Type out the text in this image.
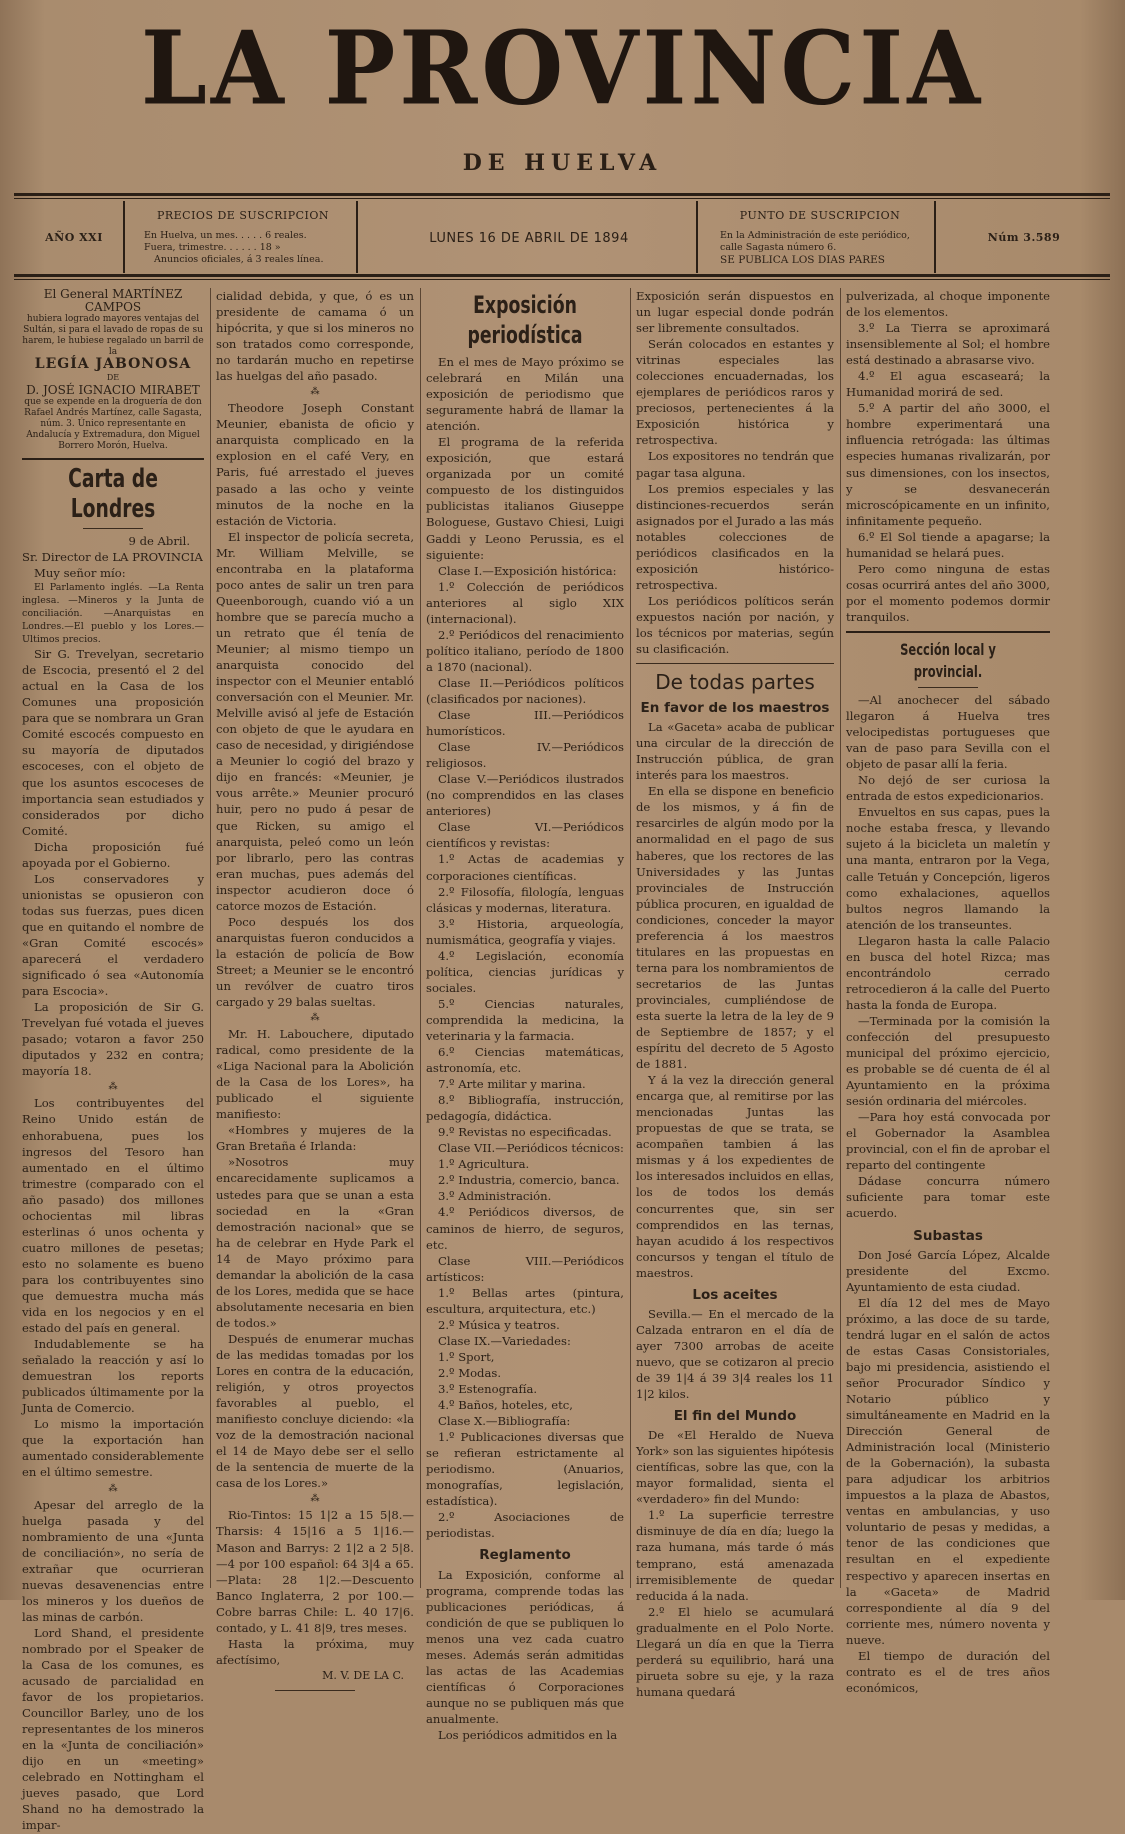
LA PROVINCIA
DE HUELVA
AÑO XXI
PRECIOS DE SUSCRIPCION
En Huelva, un mes. . . . . 6 reales.
Fuera, trimestre. . . . . . 18 »
Anuncios oficiales, á 3 reales línea.
LUNES 16 DE ABRIL DE 1894
PUNTO DE SUSCRIPCION
En la Administración de este periódico,
calle Sagasta número 6.
SE PUBLICA LOS DIAS PARES
Núm 3.589
El General MARTÍNEZ CAMPOS
hubiera logrado mayores ventajas del Sultán, si para el lavado de ropas de su harem, le hubiese regalado un barril de la
LEGÍA JABONOSA
DE
D. JOSÉ IGNACIO MIRABET
que se expende en la droguería de don Rafael Andrés Martínez, calle Sagasta, núm. 3. Único representante en Andalucía y Extremadura, don Miguel Borrero Morón, Huelva.
Carta de Londres

9 de Abril.

Sr. Director de LA PROVINCIA

Muy señor mío:

El Parlamento inglés. —La Renta inglesa. —Mineros y la Junta de conciliación. —Anarquistas en Londres.—El pueblo y los Lores.—Ultimos precios.

Sir G. Trevelyan, secretario de Escocia, presentó el 2 del actual en la Casa de los Comunes una proposición para que se nombrara un Gran Comité escocés compuesto en su mayoría de diputados escoceses, con el objeto de que los asuntos escoceses de importancia sean estudiados y considerados por dicho Comité.

Dicha proposición fué apoyada por el Gobierno.

Los conservadores y unionistas se opusieron con todas sus fuerzas, pues dicen que en quitando el nombre de «Gran Comité escocés» aparecerá el verdadero significado ó sea «Autonomía para Escocia».

La proposición de Sir G. Trevelyan fué votada el jueves pasado; votaron a favor 250 diputados y 232 en contra; mayoría 18.

⁂

Los contribuyentes del Reino Unido están de enhorabuena, pues los ingresos del Tesoro han aumentado en el último trimestre (comparado con el año pasado) dos millones ochocientas mil libras esterlinas ó unos ochenta y cuatro millones de pesetas; esto no solamente es bueno para los contribuyentes sino que demuestra mucha más vida en los negocios y en el estado del país en general.

Indudablemente se ha señalado la reacción y así lo demuestran los reports publicados últimamente por la Junta de Comercio.

Lo mismo la importación que la exportación han aumentado considerablemente en el último semestre.

⁂

Apesar del arreglo de la huelga pasada y del nombramiento de una «Junta de conciliación», no sería de extrañar que ocurrieran nuevas desavenencias entre los mineros y los dueños de las minas de carbón.

Lord Shand, el presidente nombrado por el Speaker de la Casa de los comunes, es acusado de parcialidad en favor de los propietarios. Councillor Barley, uno de los representantes de los mineros en la «Junta de conciliación» dijo en un «meeting» celebrado en Nottingham el jueves pasado, que Lord Shand no ha demostrado la impar-

cialidad debida, y que, ó es un presidente de camama ó un hipócrita, y que si los mineros no son tratados como corresponde, no tardarán mucho en repetirse las huelgas del año pasado.

⁂

Theodore Joseph Constant Meunier, ebanista de oficio y anarquista complicado en la explosion en el café Very, en Paris, fué arrestado el jueves pasado a las ocho y veinte minutos de la noche en la estación de Victoria.

El inspector de policía secreta, Mr. William Melville, se encontraba en la plataforma poco antes de salir un tren para Queenborough, cuando vió a un hombre que se parecía mucho a un retrato que él tenía de Meunier; al mismo tiempo un anarquista conocido del inspector con el Meunier entabló conversación con el Meunier. Mr. Melville avisó al jefe de Estación con objeto de que le ayudara en caso de necesidad, y dirigiéndose a Meunier lo cogió del brazo y dijo en francés: «Meunier, je vous arrête.» Meunier procuró huir, pero no pudo á pesar de que Ricken, su amigo el anarquista, peleó como un león por librarlo, pero las contras eran muchas, pues además del inspector acudieron doce ó catorce mozos de Estación.

Poco después los dos anarquistas fueron conducidos a la estación de policía de Bow Street; a Meunier se le encontró un revólver de cuatro tiros cargado y 29 balas sueltas.

⁂

Mr. H. Labouchere, diputado radical, como presidente de la «Liga Nacional para la Abolición de la Casa de los Lores», ha publicado el siguiente manifiesto:

«Hombres y mujeres de la Gran Bretaña é Irlanda:

»Nosotros muy encarecidamente suplicamos a ustedes para que se unan a esta sociedad en la «Gran demostración nacional» que se ha de celebrar en Hyde Park el 14 de Mayo próximo para demandar la abolición de la casa de los Lores, medida que se hace absolutamente necesaria en bien de todos.»

Después de enumerar muchas de las medidas tomadas por los Lores en contra de la educación, religión, y otros proyectos favorables al pueblo, el manifiesto concluye diciendo: «la voz de la demostración nacional el 14 de Mayo debe ser el sello de la sentencia de muerte de la casa de los Lores.»

⁂

Rio-Tintos: 15 1|2 a 15 5|8.—Tharsis: 4 15|16 a 5 1|16.—Mason and Barrys: 2 1|2 a 2 5|8.—4 por 100 español: 64 3|4 a 65.—Plata: 28 1|2.—Descuento Banco Inglaterra, 2 por 100.—Cobre barras Chile: L. 40 17|6. contado, y L. 41 8|9, tres meses.

Hasta la próxima, muy afectísimo,

M. V. DE LA C.

Exposición periodística

En el mes de Mayo próximo se celebrará en Milán una exposición de periodismo que seguramente habrá de llamar la atención.

El programa de la referida exposición, que estará organizada por un comité compuesto de los distinguidos publicistas italianos Giuseppe Bologuese, Gustavo Chiesi, Luigi Gaddi y Leono Perussia, es el siguiente:

Clase I.—Exposición histórica:

1.º Colección de periódicos anteriores al siglo XIX (internacional).

2.º Periódicos del renacimiento político italiano, período de 1800 a 1870 (nacional).

Clase II.—Periódicos políticos (clasificados por naciones).

Clase III.—Periódicos humorísticos.

Clase IV.—Periódicos religiosos.

Clase V.—Periódicos ilustrados (no comprendidos en las clases anteriores)

Clase VI.—Periódicos científicos y revistas:

1.º Actas de academias y corporaciones científicas.

2.º Filosofía, filología, lenguas clásicas y modernas, literatura.

3.º Historia, arqueología, numismática, geografía y viajes.

4.º Legislación, economía política, ciencias jurídicas y sociales.

5.º Ciencias naturales, comprendida la medicina, la veterinaria y la farmacia.

6.º Ciencias matemáticas, astronomía, etc.

7.º Arte militar y marina.

8.º Bibliografía, instrucción, pedagogía, didáctica.

9.º Revistas no especificadas.

Clase VII.—Periódicos técnicos:

1.º Agricultura.

2.º Industria, comercio, banca.

3.º Administración.

4.º Periódicos diversos, de caminos de hierro, de seguros, etc.

Clase VIII.—Periódicos artísticos:

1.º Bellas artes (pintura, escultura, arquitectura, etc.)

2.º Música y teatros.

Clase IX.—Variedades:

1.º Sport,

2.º Modas.

3.º Estenografía.

4.º Baños, hoteles, etc,

Clase X.—Bibliografía:

1.º Publicaciones diversas que se refieran estrictamente al periodismo. (Anuarios, monografías, legislación, estadística).

2.º Asociaciones de periodistas.

Reglamento

La Exposición, conforme al programa, comprende todas las publicaciones periódicas, á condición de que se publiquen lo menos una vez cada cuatro meses. Además serán admitidas las actas de las Academias científicas ó Corporaciones aunque no se publiquen más que anualmente.

Los periódicos admitidos en la

Exposición serán dispuestos en un lugar especial donde podrán ser libremente consultados.

Serán colocados en estantes y vitrinas especiales las colecciones encuadernadas, los ejemplares de periódicos raros y preciosos, pertenecientes á la Exposición histórica y retrospectiva.

Los expositores no tendrán que pagar tasa alguna.

Los premios especiales y las distinciones-recuerdos serán asignados por el Jurado a las más notables colecciones de periódicos clasificados en la exposición histórico-retrospectiva.

Los periódicos políticos serán expuestos nación por nación, y los técnicos por materias, según su clasificación.

De todas partes
En favor de los maestros

La «Gaceta» acaba de publicar una circular de la dirección de Instrucción pública, de gran interés para los maestros.

En ella se dispone en beneficio de los mismos, y á fin de resarcirles de algún modo por la anormalidad en el pago de sus haberes, que los rectores de las Universidades y las Juntas provinciales de Instrucción pública procuren, en igualdad de condiciones, conceder la mayor preferencia á los maestros titulares en las propuestas en terna para los nombramientos de secretarios de las Juntas provinciales, cumpliéndose de esta suerte la letra de la ley de 9 de Septiembre de 1857; y el espíritu del decreto de 5 Agosto de 1881.

Y á la vez la dirección general encarga que, al remitirse por las mencionadas Juntas las propuestas de que se trata, se acompañen tambien á las mismas y á los expedientes de los interesados incluidos en ellas, los de todos los demás concurrentes que, sin ser comprendidos en las ternas, hayan acudido á los respectivos concursos y tengan el título de maestros.

Los aceites

Sevilla.— En el mercado de la Calzada entraron en el día de ayer 7300 arrobas de aceite nuevo, que se cotizaron al precio de 39 1|4 á 39 3|4 reales los 11 1|2 kilos.

El fin del Mundo

De «El Heraldo de Nueva York» son las siguientes hipótesis científicas, sobre las que, con la mayor formalidad, sienta el «verdadero» fin del Mundo:

1.º La superficie terrestre disminuye de día en día; luego la raza humana, más tarde ó más temprano, está amenazada irremisiblemente de quedar reducida á la nada.

2.º El hielo se acumulará gradualmente en el Polo Norte. Llegará un día en que la Tierra perderá su equilibrio, hará una pirueta sobre su eje, y la raza humana quedará

pulverizada, al choque imponente de los elementos.

3.º La Tierra se aproximará insensiblemente al Sol; el hombre está destinado a abrasarse vivo.

4.º El agua escaseará; la Humanidad morirá de sed.

5.º A partir del año 3000, el hombre experimentará una influencia retrógada: las últimas especies humanas rivalizarán, por sus dimensiones, con los insectos, y se desvanecerán microscópicamente en un infinito, infinitamente pequeño.

6.º El Sol tiende a apagarse; la humanidad se helará pues.

Pero como ninguna de estas cosas ocurrirá antes del año 3000, por el momento podemos dormir tranquilos.

Sección local y provincial.

—Al anochecer del sábado llegaron á Huelva tres velocipedistas portugueses que van de paso para Sevilla con el objeto de pasar allí la feria.

No dejó de ser curiosa la entrada de estos expedicionarios.

Envueltos en sus capas, pues la noche estaba fresca, y llevando sujeto á la bicicleta un maletín y una manta, entraron por la Vega, calle Tetuán y Concepción, ligeros como exhalaciones, aquellos bultos negros llamando la atención de los transeuntes.

Llegaron hasta la calle Palacio en busca del hotel Rizca; mas encontrándolo cerrado retrocedieron á la calle del Puerto hasta la fonda de Europa.

—Terminada por la comisión la confección del presupuesto municipal del próximo ejercicio, es probable se dé cuenta de él al Ayuntamiento en la próxima sesión ordinaria del miércoles.

—Para hoy está convocada por el Gobernador la Asamblea provincial, con el fin de aprobar el reparto del contingente

Dádase concurra número suficiente para tomar este acuerdo.

Subastas

Don José García López, Alcalde presidente del Excmo. Ayuntamiento de esta ciudad.

El día 12 del mes de Mayo próximo, a las doce de su tarde, tendrá lugar en el salón de actos de estas Casas Consistoriales, bajo mi presidencia, asistiendo el señor Procurador Síndico y Notario público y simultáneamente en Madrid en la Dirección General de Administración local (Ministerio de la Gobernación), la subasta para adjudicar los arbitrios impuestos a la plaza de Abastos, ventas en ambulancias, y uso voluntario de pesas y medidas, a tenor de las condiciones que resultan en el expediente respectivo y aparecen insertas en la «Gaceta» de Madrid correspondiente al día 9 del corriente mes, número noventa y nueve.

El tiempo de duración del contrato es el de tres años económicos,
